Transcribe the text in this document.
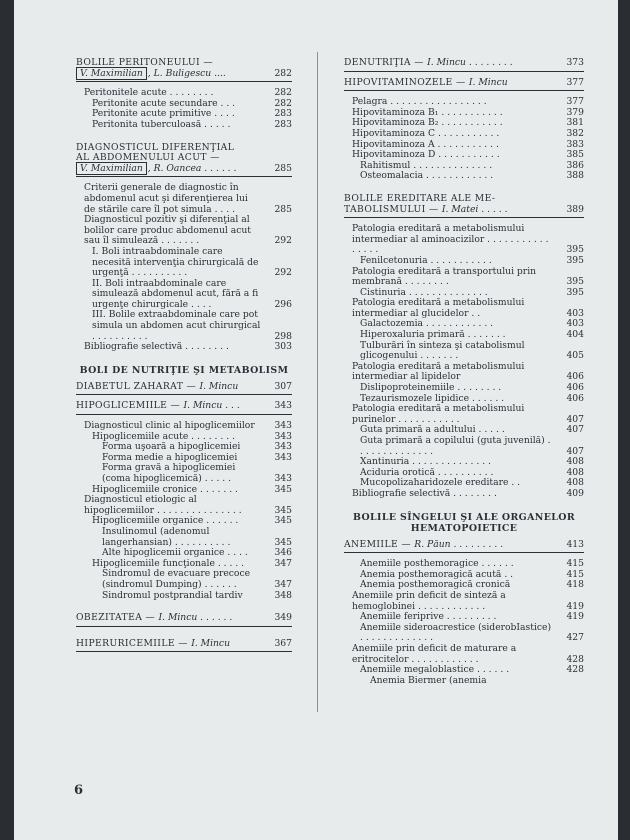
BOLILE PERITONEULUI —
V. Maximilian , L. Buligescu ....	282
Peritonitele acute . . . . . . . .	282
Peritonite acute secundare . . .	282
Peritonite acute primitive . . . .	283
Peritonita tuberculoasă . . . . .	283
DIAGNOSTICUL DIFERENŢIAL
AL ABDOMENULUI ACUT —
V. Maximilian , R. Oancea . . . . . .	285
Criterii generale de diagnostic în abdomenul acut şi diferenţierea lui de stările care îl pot simula . . . .	285
Diagnosticul pozitiv şi diferenţial al bolilor care produc abdomenul acut sau îl simulează . . . . . . .	292
I. Boli intraabdominale care necesită intervenţia chirurgicală de urgenţă . . . . . . . . . .	292
II. Boli intraabdominale care simulează abdomenul acut, fără a fi urgenţe chirurgicale . . . .	296
III. Bolile extraabdominale care pot simula un abdomen acut chirurgical . . . . . . . . . .	298
Bibliografie selectivă . . . . . . . .	303
BOLI DE NUTRIŢIE ŞI METABOLISM
DIABETUL ZAHARAT — I. Mincu	307
HIPOGLICEMIILE — I. Mincu . . .	343
Diagnosticul clinic al hipoglicemiilor	343
Hipoglicemiile acute . . . . . . . .	343
Forma uşoară a hipoglicemiei	343
Forma medie a hipoglicemiei	343
Forma gravă a hipoglicemiei (coma hipoglicemică) . . . . .	343
Hipoglicemiile cronice . . . . . . .	345
Diagnosticul etiologic al hipoglicemiilor . . . . . . . . . . . . . . .	345
Hipoglicemiile organice . . . . . .	345
Insulinomul (adenomul langerhansian) . . . . . . . . . .	345
Alte hipoglicemii organice . . . .	346
Hipoglicemiile funcţionale . . . . .	347
Sindromul de evacuare precoce (sindromul Dumping) . . . . . .	347
Sindromul postprandial tardiv	348
OBEZITATEA — I. Mincu . . . . . .	349
HIPERURICEMIILE — I. Mincu	367
DENUTRIŢIA — I. Mincu . . . . . . . .	373
HIPOVITAMINOZELE — I. Mincu	377
Pelagra . . . . . . . . . . . . . . . . .	377
Hipovitaminoza B₁ . . . . . . . . . . .	379
Hipovitaminoza B₂ . . . . . . . . . . .	381
Hipovitaminoza C . . . . . . . . . . .	382
Hipovitaminoza A . . . . . . . . . . .	383
Hipovitaminoza D . . . . . . . . . . .	385
Rahitismul . . . . . . . . . . . . . .	386
Osteomalacia . . . . . . . . . . . .	388
BOLILE EREDITARE ALE ME-
TABOLISMULUI — I. Matei . . . . .	389
Patologia ereditară a metabolismului intermediar al aminoacizilor . . . . . . . . . . . . . . . .	395
Fenilcetonuria . . . . . . . . . . .	395
Patologia ereditară a transportului prin membrană . . . . . . . .	395
Cistinuria . . . . . . . . . . . . . .	395
Patologia ereditară a metabolismului intermediar al glucidelor . .	403
Galactozemia . . . . . . . . . . . .	403
Hiperoxaluria primară . . . . . . .	404
Tulburări în sinteza şi catabolismul glicogenului . . . . . . .	405
Patologia ereditară a metabolismului intermediar al lipidelor	406
Dislipoproteinemiile . . . . . . . .	406
Tezaurismozele lipidice . . . . . .	406
Patologia ereditară a metabolismului purinelor . . . . . . . . . . .	407
Guta primară a adultului . . . . .	407
Guta primară a copilului (guta juvenilă) . . . . . . . . . . . . . .	407
Xantinuria . . . . . . . . . . . . . .	408
Aciduria orotică . . . . . . . . . .	408
Mucopolizaharidozele ereditare . .	408
Bibliografie selectivă . . . . . . . .	409
BOLILE SÎNGELUI ŞI ALE ORGANELOR HEMATOPOIETICE
ANEMIILE — R. Păun . . . . . . . . .	413
Anemiile posthemoragice . . . . . .	415
Anemia posthemoragică acută . .	415
Anemia posthemoragică cronică	418
Anemiile prin deficit de sinteză a hemoglobinei . . . . . . . . . . . .	419
Anemiile feriprive . . . . . . . . .	419
Anemiile sideroacrestice (siderobIastice) . . . . . . . . . . . . .	427
Anemiile prin deficit de maturare a eritrocitelor . . . . . . . . . . . .	428
Anemiile megaloblastice . . . . . .	428
Anemia Biermer (anemia
6
